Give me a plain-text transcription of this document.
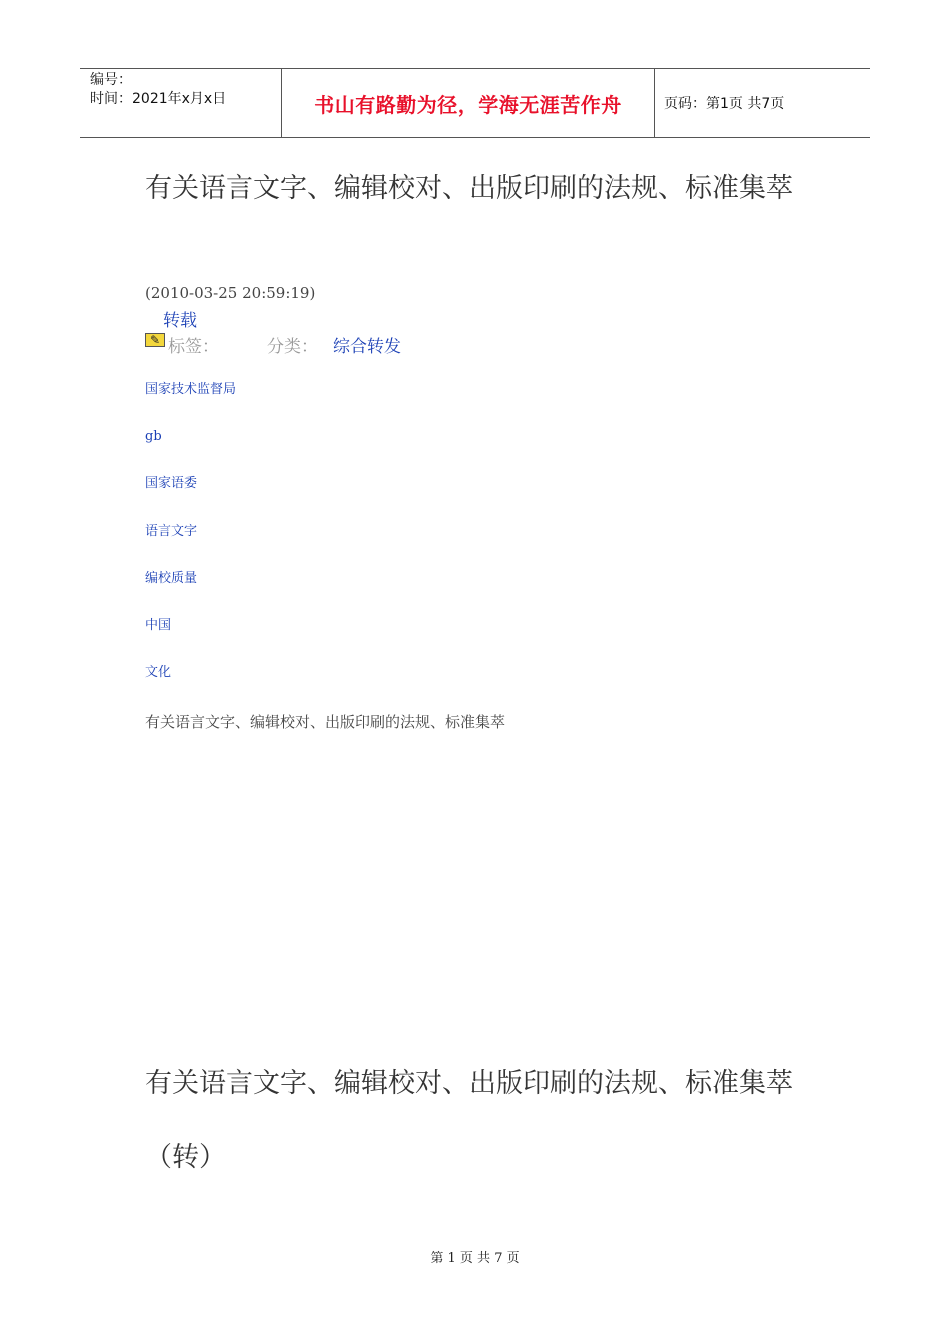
编号：
时间：2021年x月x日	书山有路勤为径，学海无涯苦作舟	页码：第1页 共7页
有关语言文字、编辑校对、出版印刷的法规、标准集萃
(2010-03-25 20:59:19)
转载
✎ 标签：	分类： 综合转发
国家技术监督局
gb
国家语委
语言文字
编校质量
中国
文化
有关语言文字、编辑校对、出版印刷的法规、标准集萃
有关语言文字、编辑校对、出版印刷的法规、标准集萃（转）
第 1 页 共 7 页
